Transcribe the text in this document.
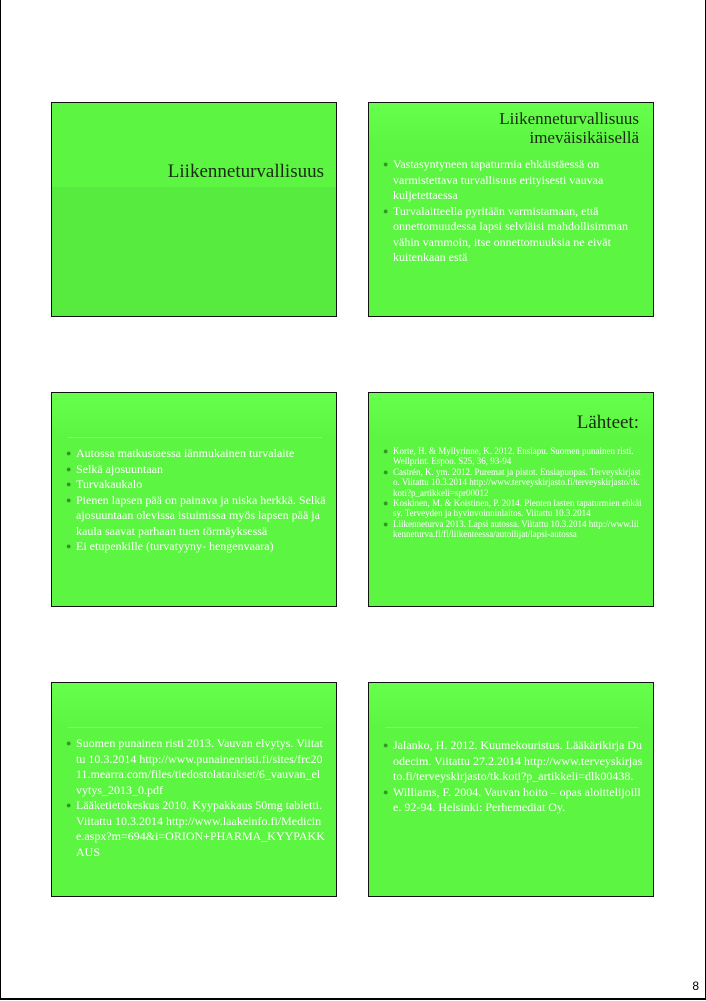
Liikenneturvallisuus
Liikenneturvallisuus
imeväisikäisellä
● Vastasyntyneen tapaturmia ehkäistäessä on varmistettava turvallisuus erityisesti vauvaa kuljetettaessa
● Turvalaitteella pyritään varmistamaan, että onnettomuudessa lapsi selviäisi mahdollisimman vähin vammoin, itse onnettomuuksia ne eivät kuitenkaan estä
● Autossa matkustaessa iänmukainen turvalaite
● Selkä ajosuuntaan
● Turvakaukalo
● Pienen lapsen pää on painava ja niska herkkä. Selkä ajosuuntaan olevissa istuimissa myös lapsen pää ja kaula saavat parhaan tuen törmäyksessä
● Ei etupenkille (turvatyyny- hengenvaara)
Lähteet:
● Korte, H. & Myllyrinne, K. 2012. Ensiapu. Suomen punainen risti. Wellprint. Espoo. S25, 36, 93-94
● Castrén, K. ym. 2012. Puremat ja pistot. Ensiapuopas. Terveyskirjasto. Viitattu 10.3.2014 http://www.terveyskirjasto.fi/terveyskirjasto/tk.koti?p_artikkeli=spr00012
● Koskinen, M. & Koistinen, P. 2014. Pienten lasten tapaturmien ehkäisy. Terveyden ja hyvinvoinninlaitos. Viitattu 10.3.2014
● Liikenneturva 2013. Lapsi autossa. Viitattu 10.3.2014 http://www.liikenneturva.fi/fi/liikenteessa/autoilijat/lapsi-autossa
● Suomen punainen risti 2013. Vauvan elvytys. Viitattu 10.3.2014 http://www.punainenristi.fi/sites/frc2011.mearra.com/files/tiedostolataukset/6_vauvan_elvytys_2013_0.pdf
● Lääketietokeskus 2010. Kyypakkaus 50mg tabletti. Viitattu 10.3.2014 http://www.laakeinfo.fi/Medicine.aspx?m=694&i=ORION+PHARMA_KYYPAKKAUS
● Jalanko, H. 2012. Kuumekouristus. Lääkärikirja Duodecim. Viitattu 27.2.2014 http://www.terveyskirjasto.fi/terveyskirjasto/tk.koti?p_artikkeli=dlk00438.
● Williams, F. 2004. Vauvan hoito – opas aloittelijoille. 92-94. Helsinki: Perhemediat Oy.
8
